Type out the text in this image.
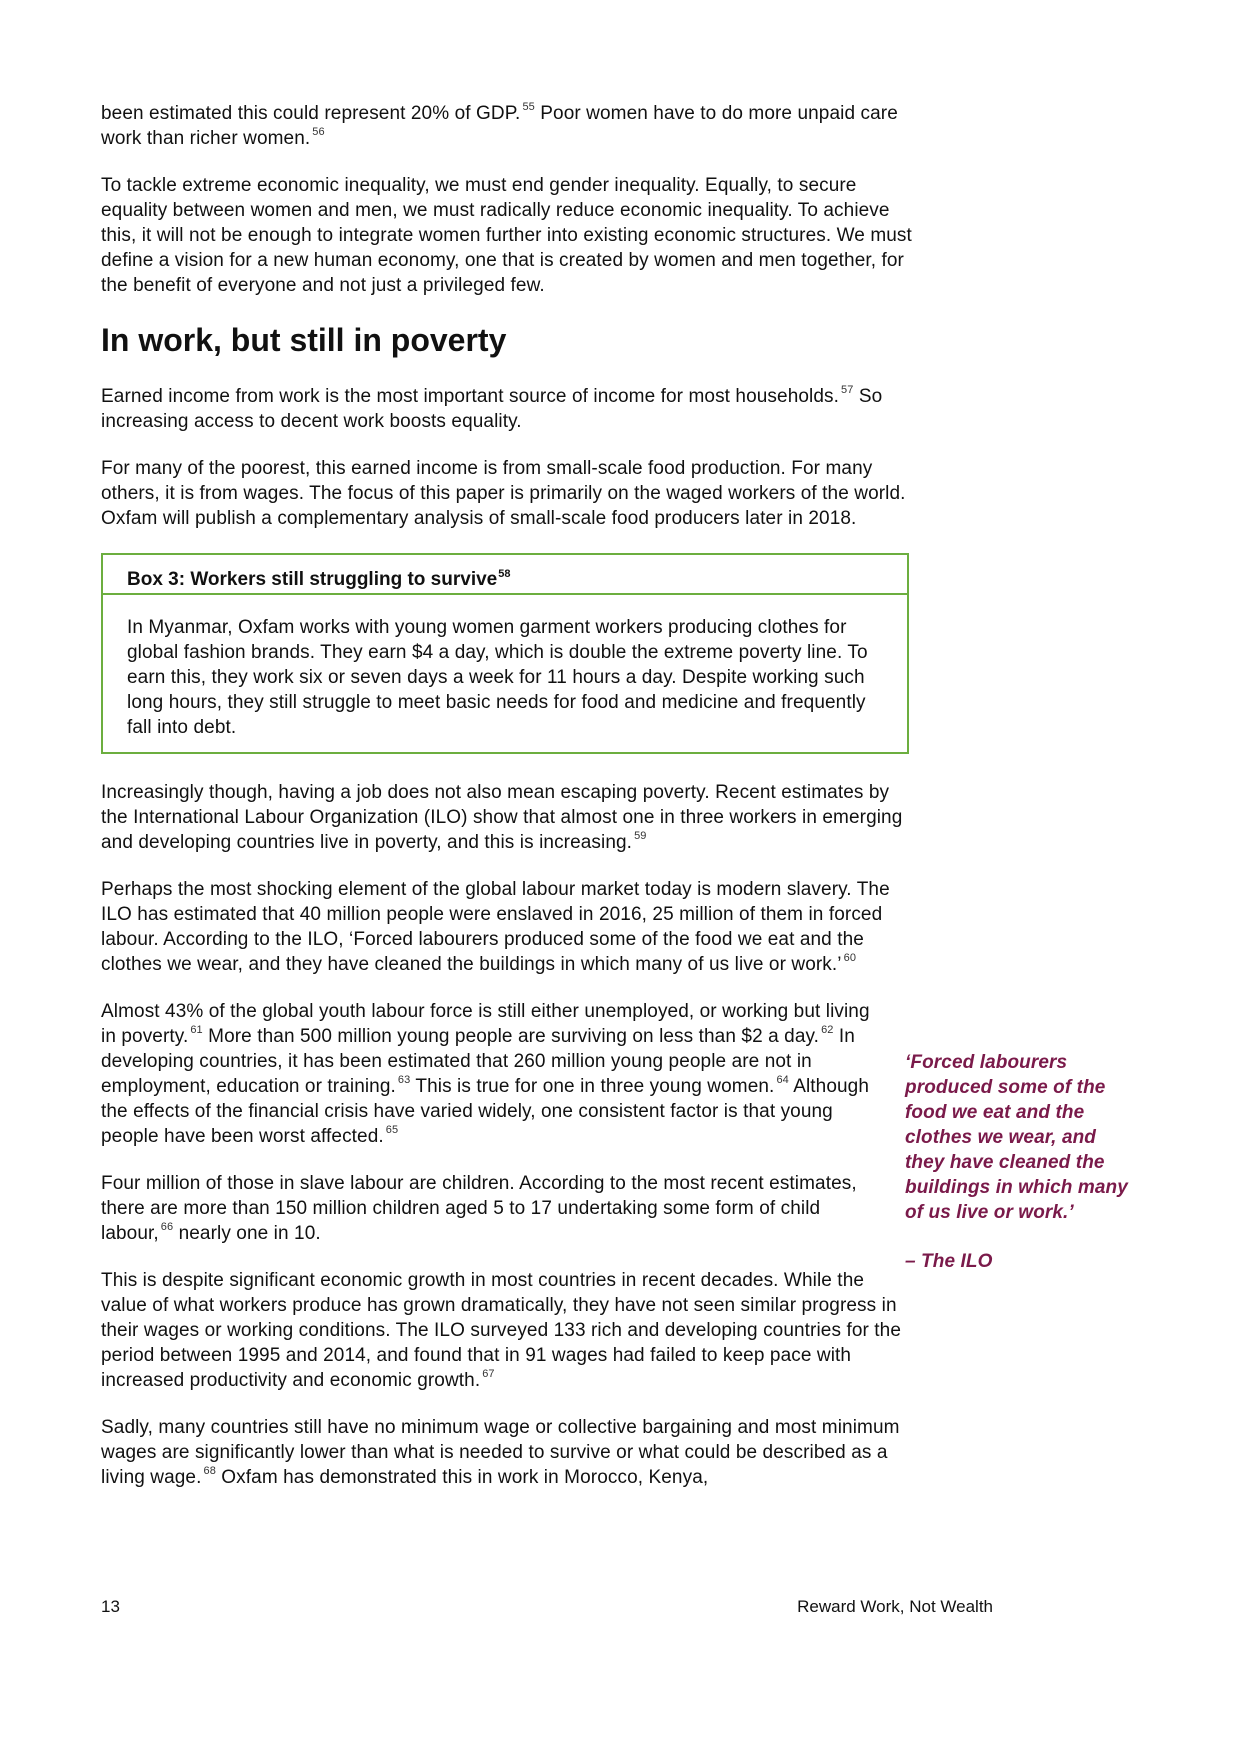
been estimated this could represent 20% of GDP. $^{55}$ Poor women have to do more unpaid care work than richer women. $^{56}$

To tackle extreme economic inequality, we must end gender inequality. Equally, to secure equality between women and men, we must radically reduce economic inequality. To achieve this, it will not be enough to integrate women further into existing economic structures. We must define a vision for a new human economy, one that is created by women and men together, for the benefit of everyone and not just a privileged few.

In work, but still in poverty

Earned income from work is the most important source of income for most households. $^{57}$ So increasing access to decent work boosts equality.

For many of the poorest, this earned income is from small-scale food production. For many others, it is from wages. The focus of this paper is primarily on the waged workers of the world. Oxfam will publish a complementary analysis of small-scale food producers later in 2018.

Box 3: Workers still struggling to survive$^{58}$

In Myanmar, Oxfam works with young women garment workers producing clothes for global fashion brands. They earn $4 a day, which is double the extreme poverty line. To earn this, they work six or seven days a week for 11 hours a day. Despite working such long hours, they still struggle to meet basic needs for food and medicine and frequently fall into debt.

Increasingly though, having a job does not also mean escaping poverty. Recent estimates by the International Labour Organization (ILO) show that almost one in three workers in emerging and developing countries live in poverty, and this is increasing. $^{59}$

Perhaps the most shocking element of the global labour market today is modern slavery. The ILO has estimated that 40 million people were enslaved in 2016, 25 million of them in forced labour. According to the ILO, ‘Forced labourers produced some of the food we eat and the clothes we wear, and they have cleaned the buildings in which many of us live or work.’ $^{60}$

Almost 43% of the global youth labour force is still either unemployed, or working but living in poverty. $^{61}$ More than 500 million young people are surviving on less than $2 a day. $^{62}$ In developing countries, it has been estimated that 260 million young people are not in employment, education or training. $^{63}$ This is true for one in three young women. $^{64}$ Although the effects of the financial crisis have varied widely, one consistent factor is that young people have been worst affected. $^{65}$

Four million of those in slave labour are children. According to the most recent estimates, there are more than 150 million children aged 5 to 17 undertaking some form of child labour, $^{66}$ nearly one in 10.

This is despite significant economic growth in most countries in recent decades. While the value of what workers produce has grown dramatically, they have not seen similar progress in their wages or working conditions. The ILO surveyed 133 rich and developing countries for the period between 1995 and 2014, and found that in 91 wages had failed to keep pace with increased productivity and economic growth. $^{67}$

Sadly, many countries still have no minimum wage or collective bargaining and most minimum wages are significantly lower than what is needed to survive or what could be described as a living wage. $^{68}$ Oxfam has demonstrated this in work in Morocco, Kenya,

‘Forced labourers produced some of the food we eat and the clothes we wear, and they have cleaned the buildings in which many of us live or work.’

– The ILO

13	Reward Work, Not Wealth
